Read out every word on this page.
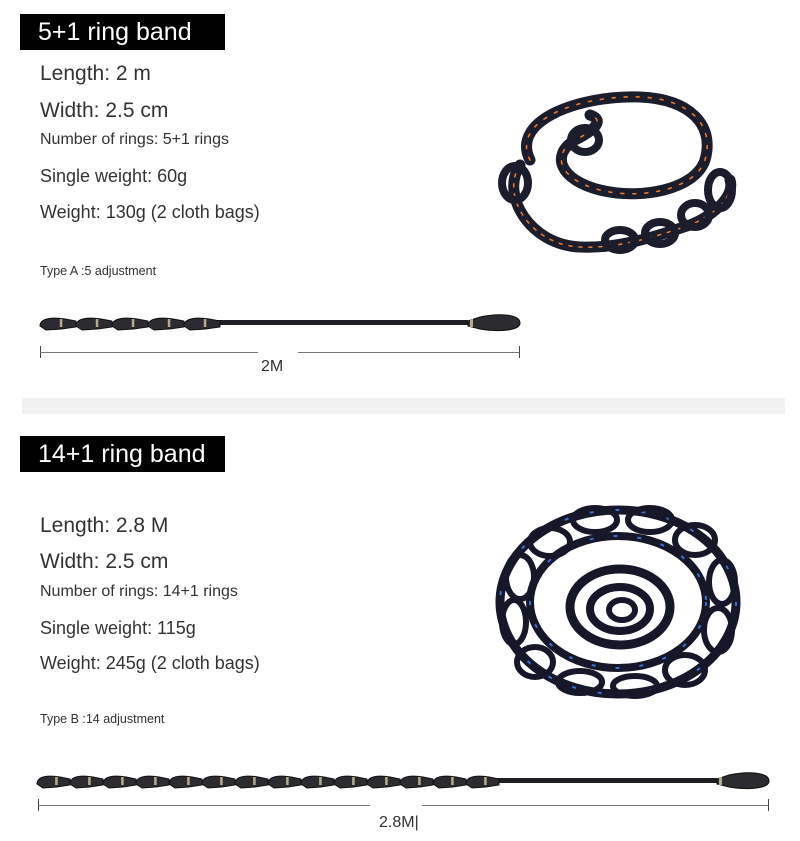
5+1 ring band
Length: 2 m
Width: 2.5 cm
Number of rings: 5+1 rings
Single weight: 60g
Weight: 130g (2 cloth bags)
Type A :5 adjustment
2M
14+1 ring band
Length: 2.8 M
Width: 2.5 cm
Number of rings: 14+1 rings
Single weight: 115g
Weight: 245g (2 cloth bags)
Type B :14 adjustment
2.8M|
